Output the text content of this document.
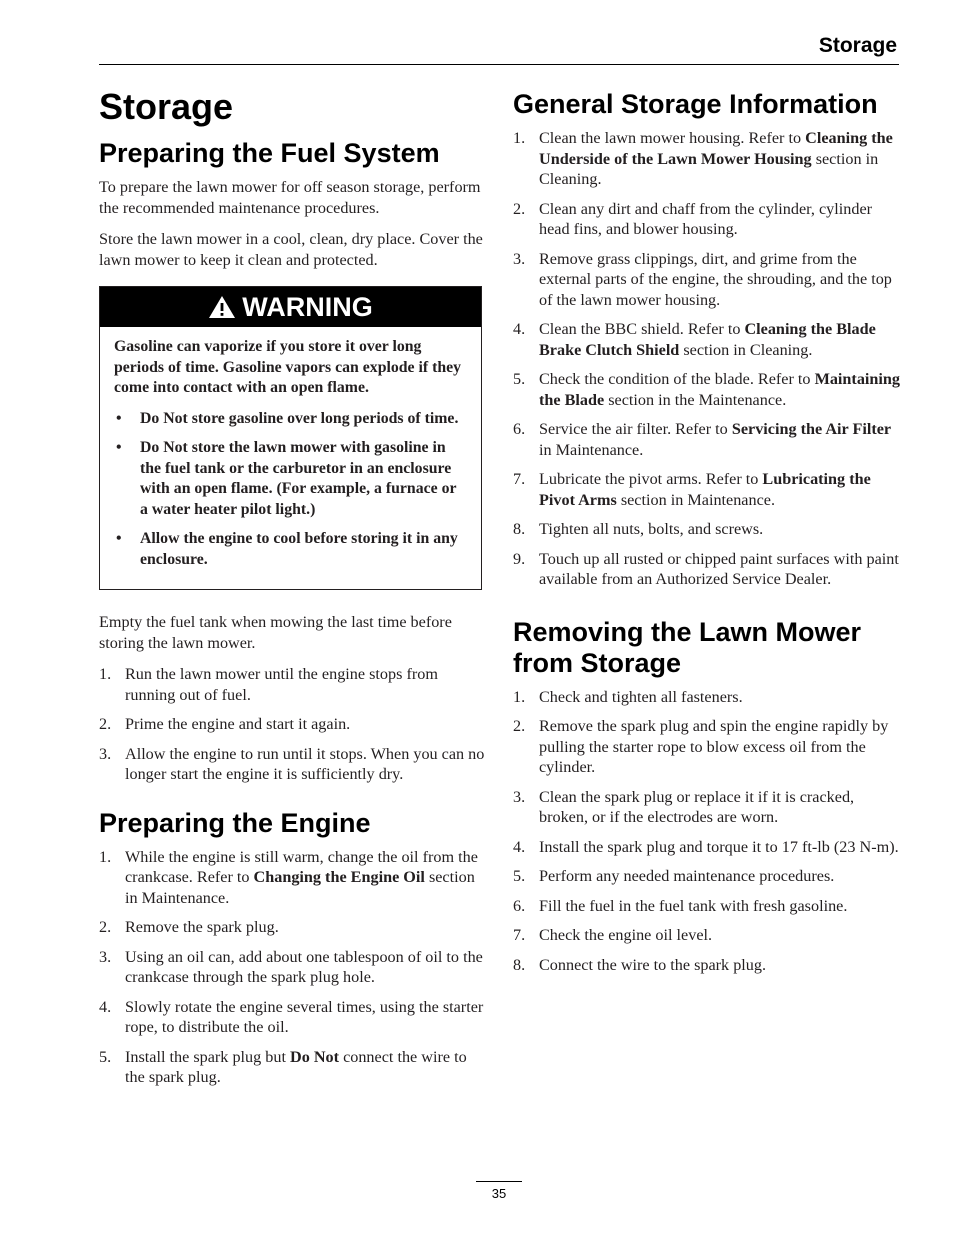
Storage
Storage
Preparing the Fuel System

To prepare the lawn mower for off season storage, perform the recommended maintenance procedures.

Store the lawn mower in a cool, clean, dry place. Cover the lawn mower to keep it clean and protected.

WARNING

Gasoline can vaporize if you store it over long periods of time. Gasoline vapors can explode if they come into contact with an open flame.

• Do Not store gasoline over long periods of time.
• Do Not store the lawn mower with gasoline in the fuel tank or the carburetor in an enclosure with an open flame. (For example, a furnace or a water heater pilot light.)
• Allow the engine to cool before storing it in any enclosure.

Empty the fuel tank when mowing the last time before storing the lawn mower.

1. Run the lawn mower until the engine stops from running out of fuel.
2. Prime the engine and start it again.
3. Allow the engine to run until it stops. When you can no longer start the engine it is sufficiently dry.
Preparing the Engine
1. While the engine is still warm, change the oil from the crankcase. Refer to Changing the Engine Oil section in Maintenance.
2. Remove the spark plug.
3. Using an oil can, add about one tablespoon of oil to the crankcase through the spark plug hole.
4. Slowly rotate the engine several times, using the starter rope, to distribute the oil.
5. Install the spark plug but Do Not connect the wire to the spark plug.
General Storage Information
1. Clean the lawn mower housing. Refer to Cleaning the Underside of the Lawn Mower Housing section in Cleaning.
2. Clean any dirt and chaff from the cylinder, cylinder head fins, and blower housing.
3. Remove grass clippings, dirt, and grime from the external parts of the engine, the shrouding, and the top of the lawn mower housing.
4. Clean the BBC shield. Refer to Cleaning the Blade Brake Clutch Shield section in Cleaning.
5. Check the condition of the blade. Refer to Maintaining the Blade section in the Maintenance.
6. Service the air filter. Refer to Servicing the Air Filter in Maintenance.
7. Lubricate the pivot arms. Refer to Lubricating the Pivot Arms section in Maintenance.
8. Tighten all nuts, bolts, and screws.
9. Touch up all rusted or chipped paint surfaces with paint available from an Authorized Service Dealer.
Removing the Lawn Mower from Storage
1. Check and tighten all fasteners.
2. Remove the spark plug and spin the engine rapidly by pulling the starter rope to blow excess oil from the cylinder.
3. Clean the spark plug or replace it if it is cracked, broken, or if the electrodes are worn.
4. Install the spark plug and torque it to 17 ft-lb (23 N-m).
5. Perform any needed maintenance procedures.
6. Fill the fuel in the fuel tank with fresh gasoline.
7. Check the engine oil level.
8. Connect the wire to the spark plug.
35
